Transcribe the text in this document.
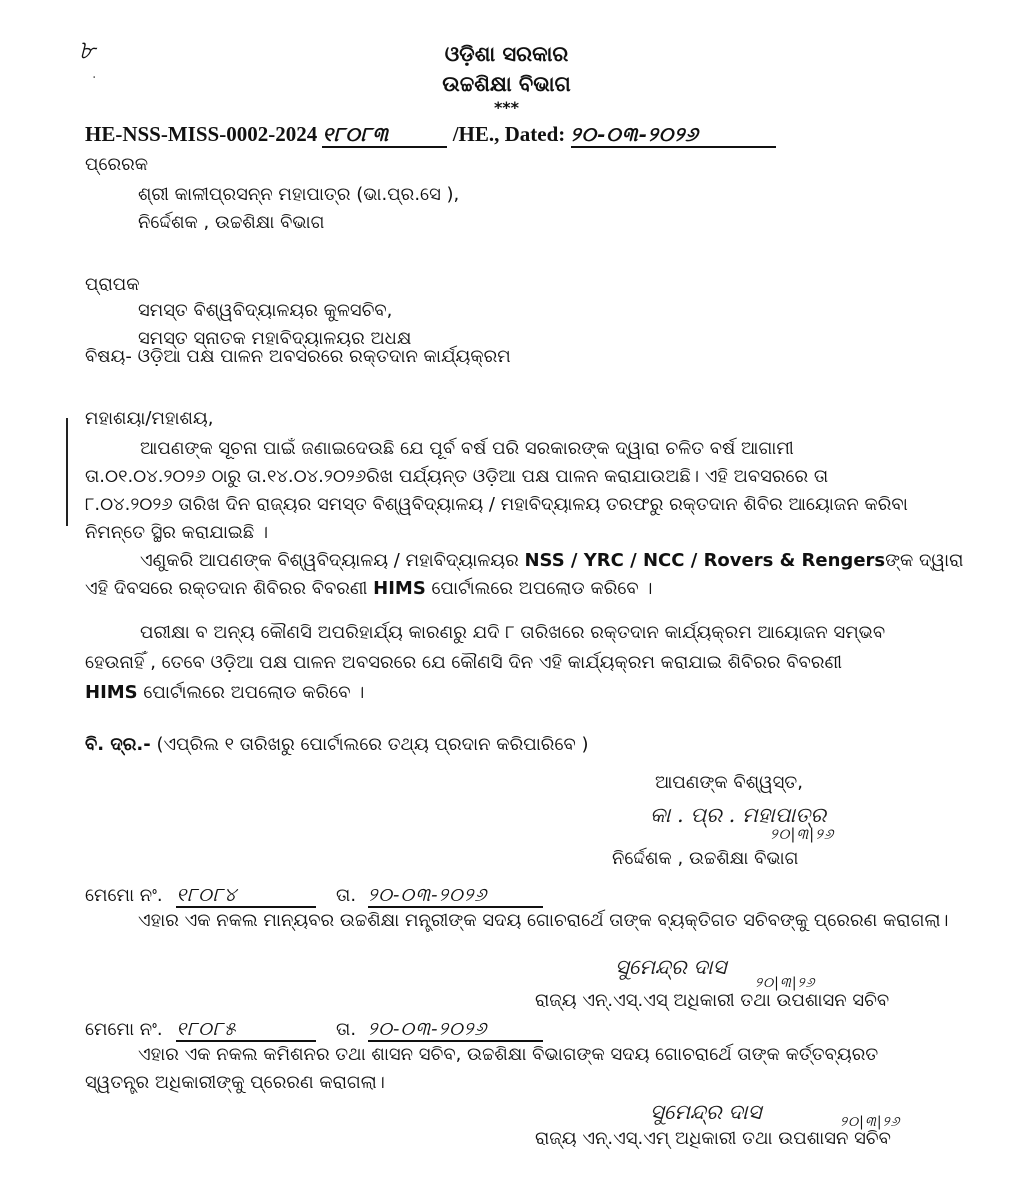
৮
·
ଓଡ଼ିଶା ସରକାର
ଉଚ୍ଚଶିକ୍ଷା ବିଭାଗ
***
HE-NSS-MISS-0002-2024 ୧୮୦୮୩	/HE., Dated: ୨୦-୦୩-୨୦୨୬
ପ୍ରେରକ
ଶ୍ରୀ କାଳୀପ୍ରସନ୍ନ ମହାପାତ୍ର (ଭା.ପ୍ର.ସେ ),
ନିର୍ଦ୍ଦେଶକ , ଉଚ୍ଚଶିକ୍ଷା ବିଭାଗ
ପ୍ରାପକ
ସମସ୍ତ ବିଶ୍ୱବିଦ୍ୟାଳୟର କୁଳସଚିବ,
ସମସ୍ତ ସ୍ନାତକ ମହାବିଦ୍ୟାଳୟର ଅଧକ୍ଷ
ବିଷୟ- ଓଡ଼ିଆ ପକ୍ଷ ପାଳନ ଅବସରରେ ରକ୍ତଦାନ କାର୍ଯ୍ୟକ୍ରମ
ମହାଶୟା/ମହାଶୟ,
ଆପଣଙ୍କ ସୂଚନା ପାଇଁ ଜଣାଇଦେଉଛି ଯେ ପୂର୍ବ ବର୍ଷ ପରି ସରକାରଙ୍କ ଦ୍ୱାରା ଚଳିତ ବର୍ଷ ଆଗାମୀ
ତା.୦୧.୦୪.୨୦୨୬ ଠାରୁ ତା.୧୪.୦୪.୨୦୨୬ରିଖ ପର୍ଯ୍ୟନ୍ତ ଓଡ଼ିଆ ପକ୍ଷ ପାଳନ କରାଯାଉଅଛି। ଏହି ଅବସରରେ ତା
୮.୦୪.୨୦୨୬ ତାରିଖ ଦିନ ରାଜ୍ୟର ସମସ୍ତ ବିଶ୍ୱବିଦ୍ୟାଳୟ / ମହାବିଦ୍ୟାଳୟ ତରଫରୁ ରକ୍ତଦାନ ଶିବିର ଆୟୋଜନ କରିବା
ନିମନ୍ତେ ସ୍ଥିର କରାଯାଇଛି ।
ଏଣୁକରି ଆପଣଙ୍କ ବିଶ୍ୱବିଦ୍ୟାଳୟ / ମହାବିଦ୍ୟାଳୟର NSS / YRC / NCC / Rovers & Rengersଙ୍କ ଦ୍ୱାରା
ଏହି ଦିବସରେ ରକ୍ତଦାନ ଶିବିରର ବିବରଣୀ HIMS ପୋର୍ଟାଲରେ ଅପଲୋଡ କରିବେ ।
ପରୀକ୍ଷା ବ ଅନ୍ୟ କୌଣସି ଅପରିହାର୍ଯ୍ୟ କାରଣରୁ ଯଦି ୮ ତାରିଖରେ ରକ୍ତଦାନ କାର୍ଯ୍ୟକ୍ରମ ଆୟୋଜନ ସମ୍ଭବ
ହେଉନାହିଁ , ତେବେ ଓଡ଼ିଆ ପକ୍ଷ ପାଳନ ଅବସରରେ ଯେ କୌଣସି ଦିନ ଏହି କାର୍ଯ୍ୟକ୍ରମ କରାଯାଇ ଶିବିରର ବିବରଣୀ
HIMS ପୋର୍ଟାଲରେ ଅପଲୋଡ କରିବେ ।
ବି. ଦ୍ର.- (ଏପ୍ରିଲ ୧ ତାରିଖରୁ ପୋର୍ଟାଲରେ ତଥ୍ୟ ପ୍ରଦାନ କରିପାରିବେ )
ଆପଣଙ୍କ ବିଶ୍ୱସ୍ତ,
କା . ପ୍ର . ମହାପାତ୍ର
୨୦|୩|୨୬
ନିର୍ଦ୍ଦେଶକ , ଉଚ୍ଚଶିକ୍ଷା ବିଭାଗ
ମେମୋ ନଂ. ୧୮୦୮୪	ତା. ୨୦-୦୩-୨୦୨୬
ଏହାର ଏକ ନକଲ ମାନ୍ୟବର ଉଚ୍ଚଶିକ୍ଷା ମନ୍ତ୍ରୀଙ୍କ ସଦୟ ଗୋଚରାର୍ଥେ ତାଙ୍କ ବ୍ୟକ୍ତିଗତ ସଚିବଙ୍କୁ ପ୍ରେରଣ କରାଗଲା।
ସୁମେନ୍ଦ୍ର ଦାସ
୨୦|୩|୨୬
ରାଜ୍ୟ ଏନ୍.ଏସ୍.ଏସ୍ ଅଧିକାରୀ ତଥା ଉପଶାସନ ସଚିବ
ମେମୋ ନଂ. ୧୮୦୮୫	ତା. ୨୦-୦୩-୨୦୨୬
ଏହାର ଏକ ନକଲ କମିଶନର ତଥା ଶାସନ ସଚିବ, ଉଚ୍ଚଶିକ୍ଷା ବିଭାଗଙ୍କ ସଦୟ ଗୋଚରାର୍ଥେ ତାଙ୍କ କର୍ତ୍ତବ୍ୟରତ
ସ୍ୱତନ୍ତ୍ର ଅଧିକାରୀଙ୍କୁ ପ୍ରେରଣ କରାଗଲା।
ସୁମେନ୍ଦ୍ର ଦାସ	୨୦|୩|୨୬
ରାଜ୍ୟ ଏନ୍.ଏସ୍.ଏମ୍ ଅଧିକାରୀ ତଥା ଉପଶାସନ ସଚିବ
